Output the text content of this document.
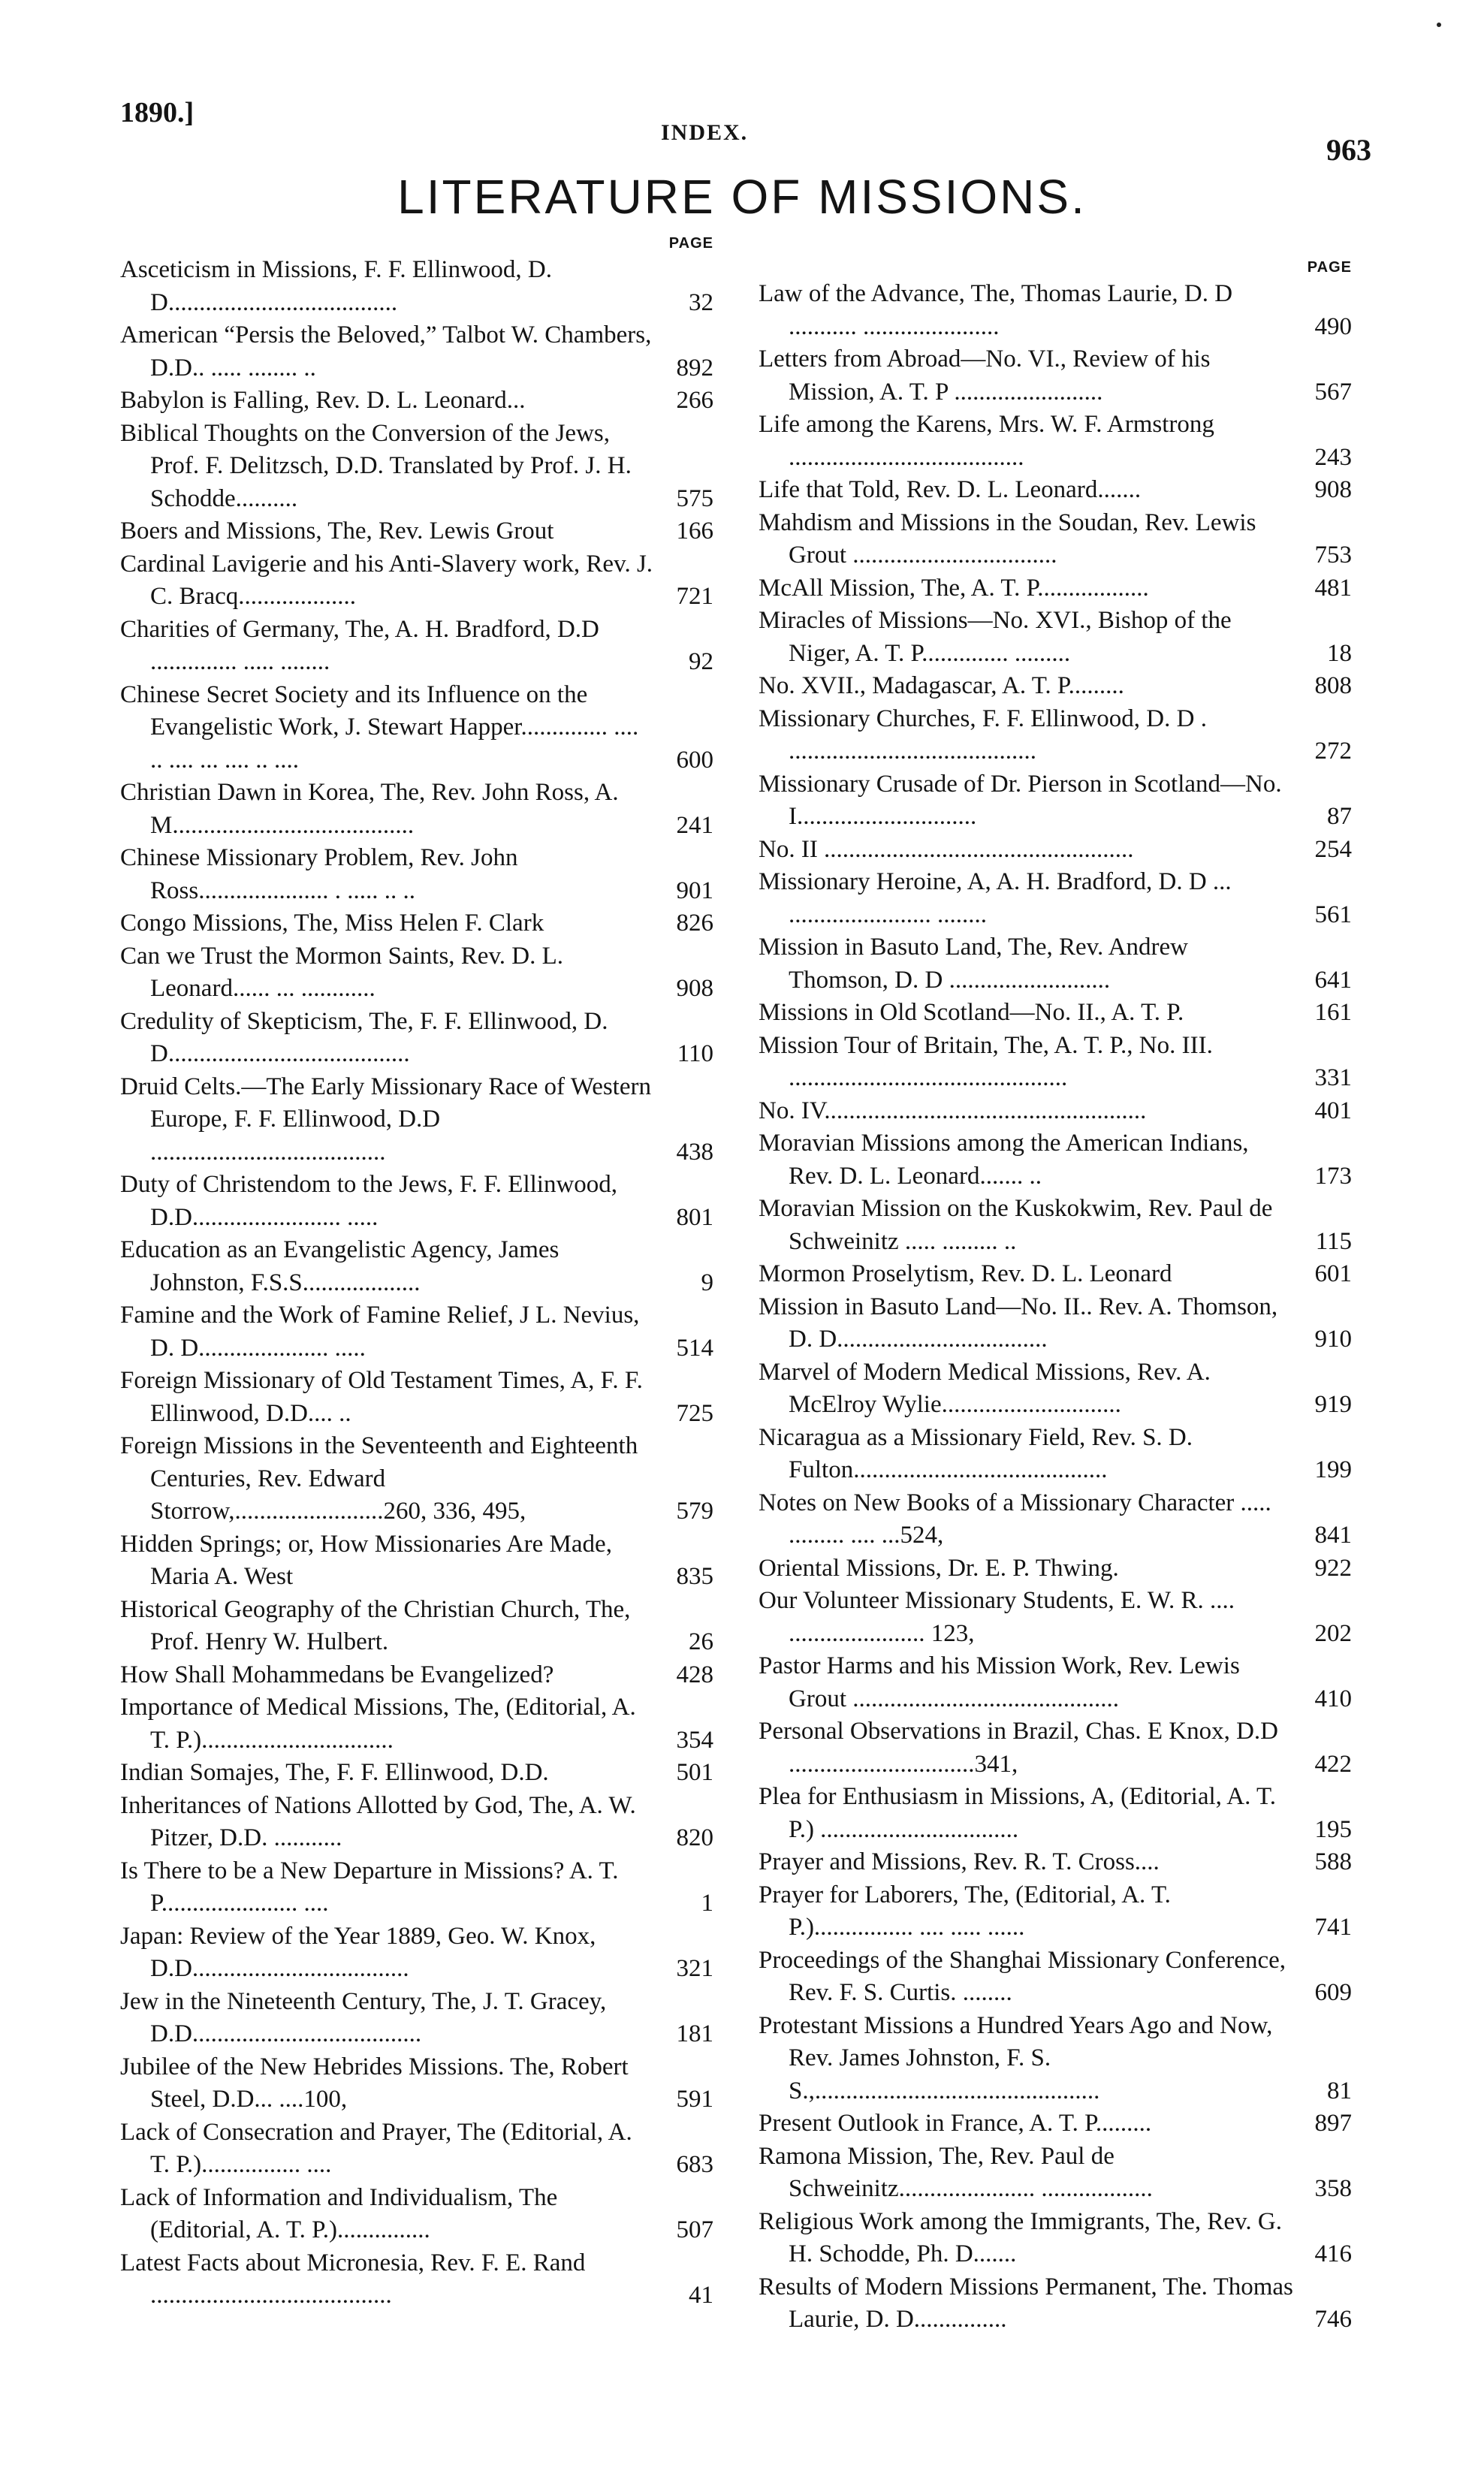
1890.]
INDEX.
963
LITERATURE OF MISSIONS.
PAGE
Asceticism in Missions, F. F. Ellinwood, D. D.....................................	32
American “Persis the Beloved,” Talbot W. Chambers, D.D.. ..... ........ ..	892
Babylon is Falling, Rev. D. L. Leonard...	266
Biblical Thoughts on the Conversion of the Jews, Prof. F. Delitzsch, D.D. Translated by Prof. J. H. Schodde..........	575
Boers and Missions, The, Rev. Lewis Grout	166
Cardinal Lavigerie and his Anti-Slavery work, Rev. J. C. Bracq...................	721
Charities of Germany, The, A. H. Bradford, D.D .............. ..... ........	92
Chinese Secret Society and its Influence on the Evangelistic Work, J. Stewart Happer.............. .... .. .... ... .... .. ....	600
Christian Dawn in Korea, The, Rev. John Ross, A. M.......................................	241
Chinese Missionary Problem, Rev. John Ross..................... . ..... .. ..	901
Congo Missions, The, Miss Helen F. Clark	826
Can we Trust the Mormon Saints, Rev. D. L. Leonard...... ... ............	908
Credulity of Skepticism, The, F. F. Ellinwood, D. D.......................................	110
Druid Celts.—The Early Missionary Race of Western Europe, F. F. Ellinwood, D.D ......................................	438
Duty of Christendom to the Jews, F. F. Ellinwood, D.D........................ .....	801
Education as an Evangelistic Agency, James Johnston, F.S.S...................	9
Famine and the Work of Famine Relief, J L. Nevius, D. D..................... .....	514
Foreign Missionary of Old Testament Times, A, F. F. Ellinwood, D.D.... ..	725
Foreign Missions in the Seventeenth and Eighteenth Centuries, Rev. Edward Storrow,........................260, 336, 495,	579
Hidden Springs; or, How Missionaries Are Made, Maria A. West	835
Historical Geography of the Christian Church, The, Prof. Henry W. Hulbert.	26
How Shall Mohammedans be Evangelized?	428
Importance of Medical Missions, The, (Editorial, A. T. P.)...............................	354
Indian Somajes, The, F. F. Ellinwood, D.D.	501
Inheritances of Nations Allotted by God, The, A. W. Pitzer, D.D. ...........	820
Is There to be a New Departure in Missions? A. T. P...................... ....	1
Japan: Review of the Year 1889, Geo. W. Knox, D.D...................................	321
Jew in the Nineteenth Century, The, J. T. Gracey, D.D.....................................	181
Jubilee of the New Hebrides Missions. The, Robert Steel, D.D... ....100,	591
Lack of Consecration and Prayer, The (Editorial, A. T. P.)................ ....	683
Lack of Information and Individualism, The (Editorial, A. T. P.)...............	507
Latest Facts about Micronesia, Rev. F. E. Rand .......................................	41
PAGE
Law of the Advance, The, Thomas Laurie, D. D ........... ......................	490
Letters from Abroad—No. VI., Review of his Mission, A. T. P ........................	567
Life among the Karens, Mrs. W. F. Armstrong ......................................	243
Life that Told, Rev. D. L. Leonard.......	908
Mahdism and Missions in the Soudan, Rev. Lewis Grout .................................	753
McAll Mission, The, A. T. P..................	481
Miracles of Missions—No. XVI., Bishop of the Niger, A. T. P.............. .........	18
No. XVII., Madagascar, A. T. P.........	808
Missionary Churches, F. F. Ellinwood, D. D . ........................................	272
Missionary Crusade of Dr. Pierson in Scotland—No. I.............................	87
No. II ..................................................	254
Missionary Heroine, A, A. H. Bradford, D. D ... ....................... ........	561
Mission in Basuto Land, The, Rev. Andrew Thomson, D. D ..........................	641
Missions in Old Scotland—No. II., A. T. P.	161
Mission Tour of Britain, The, A. T. P., No. III. .............................................	331
No. IV....................................................	401
Moravian Missions among the American Indians, Rev. D. L. Leonard....... ..	173
Moravian Mission on the Kuskokwim, Rev. Paul de Schweinitz ..... ......... ..	115
Mormon Proselytism, Rev. D. L. Leonard	601
Mission in Basuto Land—No. II.. Rev. A. Thomson, D. D..................................	910
Marvel of Modern Medical Missions, Rev. A. McElroy Wylie.............................	919
Nicaragua as a Missionary Field, Rev. S. D. Fulton.........................................	199
Notes on New Books of a Missionary Character ..... ......... .... ...524,	841
Oriental Missions, Dr. E. P. Thwing.	922
Our Volunteer Missionary Students, E. W. R. .... ...................... 123,	202
Pastor Harms and his Mission Work, Rev. Lewis Grout ...........................................	410
Personal Observations in Brazil, Chas. E Knox, D.D ..............................341,	422
Plea for Enthusiasm in Missions, A, (Editorial, A. T. P.) ................................	195
Prayer and Missions, Rev. R. T. Cross....	588
Prayer for Laborers, The, (Editorial, A. T. P.)................ .... ..... ......	741
Proceedings of the Shanghai Missionary Conference, Rev. F. S. Curtis. ........	609
Protestant Missions a Hundred Years Ago and Now, Rev. James Johnston, F. S. S.,..............................................	81
Present Outlook in France, A. T. P.........	897
Ramona Mission, The, Rev. Paul de Schweinitz...................... ..................	358
Religious Work among the Immigrants, The, Rev. G. H. Schodde, Ph. D.......	416
Results of Modern Missions Permanent, The. Thomas Laurie, D. D...............	746
